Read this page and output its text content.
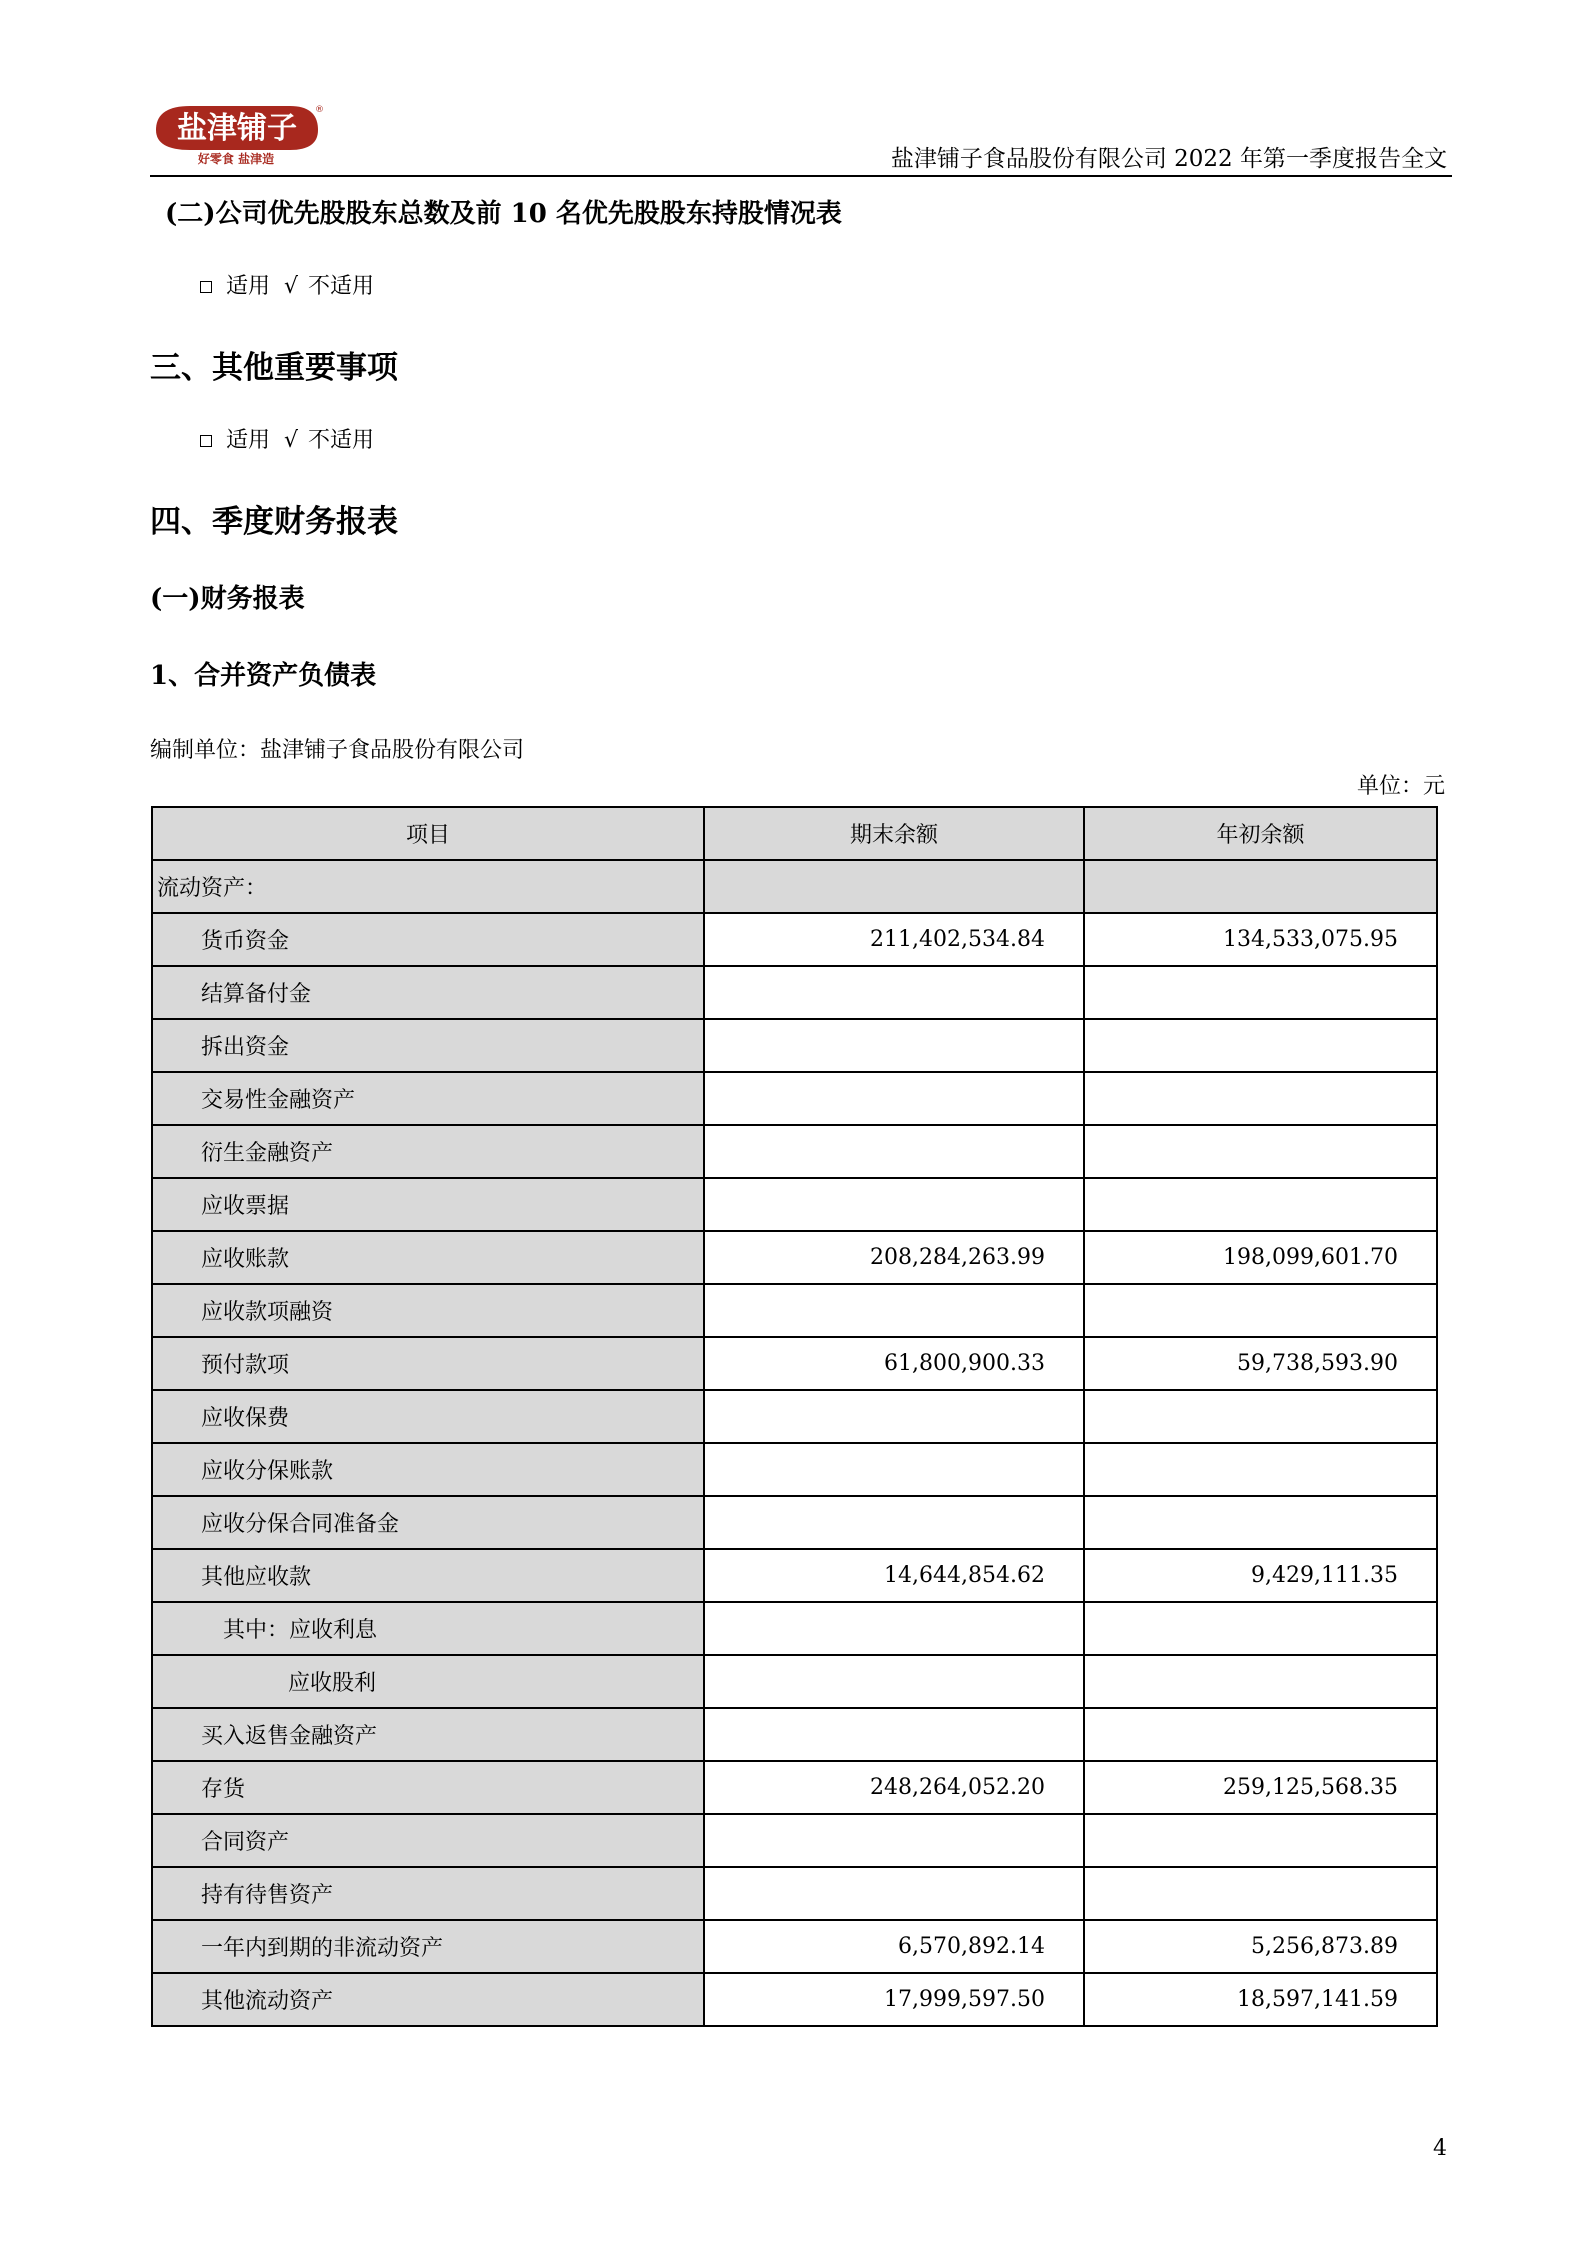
盐津铺子
好零食 盐津造
®
盐津铺子食品股份有限公司 2022 年第一季度报告全文
(二)公司优先股股东总数及前 10 名优先股股东持股情况表
适用 √ 不适用
三、其他重要事项
适用 √ 不适用
四、季度财务报表
(一)财务报表
1、合并资产负债表
编制单位：盐津铺子食品股份有限公司
单位：元
项目	期末余额	年初余额
流动资产：		
货币资金	211,402,534.84	134,533,075.95
结算备付金		
拆出资金		
交易性金融资产		
衍生金融资产		
应收票据		
应收账款	208,284,263.99	198,099,601.70
应收款项融资		
预付款项	61,800,900.33	59,738,593.90
应收保费		
应收分保账款		
应收分保合同准备金		
其他应收款	14,644,854.62	9,429,111.35
其中：应收利息		
应收股利		
买入返售金融资产		
存货	248,264,052.20	259,125,568.35
合同资产		
持有待售资产		
一年内到期的非流动资产	6,570,892.14	5,256,873.89
其他流动资产	17,999,597.50	18,597,141.59
4
